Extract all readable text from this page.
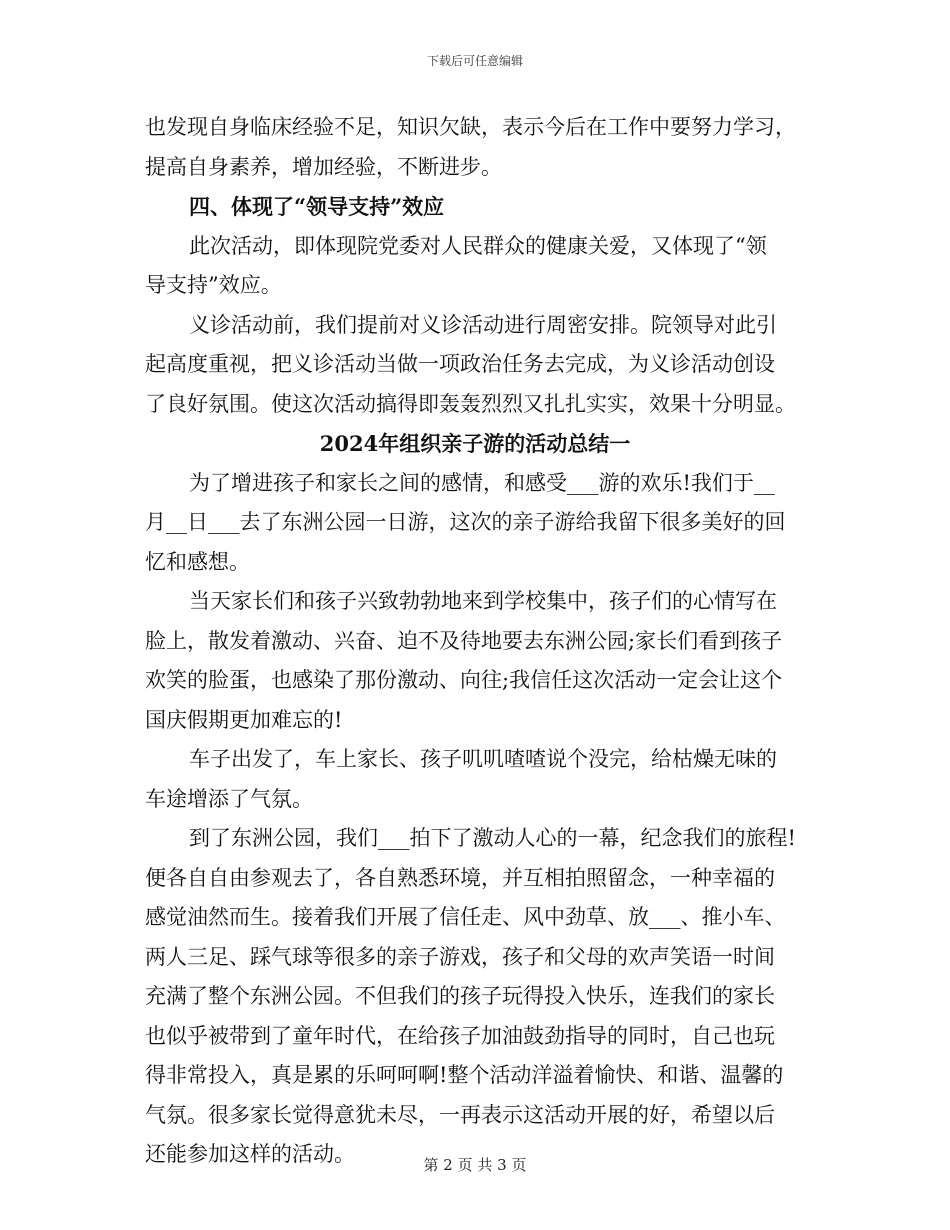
下载后可任意编辑
也发现自身临床经验不足，知识欠缺，表示今后在工作中要努力学习，
提高自身素养，增加经验，不断进步。
四、体现了“领导支持”效应
此次活动，即体现院党委对人民群众的健康关爱，又体现了“领
导支持”效应。
义诊活动前，我们提前对义诊活动进行周密安排。院领导对此引
起高度重视，把义诊活动当做一项政治任务去完成，为义诊活动创设
了良好氛围。使这次活动搞得即轰轰烈烈又扎扎实实，效果十分明显。
2024年组织亲子游的活动总结一
为了增进孩子和家长之间的感情，和感受___游的欢乐!我们于__
月__日___去了东洲公园一日游，这次的亲子游给我留下很多美好的回
忆和感想。
当天家长们和孩子兴致勃勃地来到学校集中，孩子们的心情写在
脸上，散发着激动、兴奋、迫不及待地要去东洲公园;家长们看到孩子
欢笑的脸蛋，也感染了那份激动、向往;我信任这次活动一定会让这个
国庆假期更加难忘的!
车子出发了，车上家长、孩子叽叽喳喳说个没完，给枯燥无味的
车途增添了气氛。
到了东洲公园，我们___拍下了激动人心的一幕，纪念我们的旅程!
便各自自由参观去了，各自熟悉环境，并互相拍照留念，一种幸福的
感觉油然而生。接着我们开展了信任走、风中劲草、放___、推小车、
两人三足、踩气球等很多的亲子游戏，孩子和父母的欢声笑语一时间
充满了整个东洲公园。不但我们的孩子玩得投入快乐，连我们的家长
也似乎被带到了童年时代，在给孩子加油鼓劲指导的同时，自己也玩
得非常投入，真是累的乐呵呵啊!整个活动洋溢着愉快、和谐、温馨的
气氛。很多家长觉得意犹未尽，一再表示这活动开展的好，希望以后
还能参加这样的活动。	第 2 页 共 3 页
